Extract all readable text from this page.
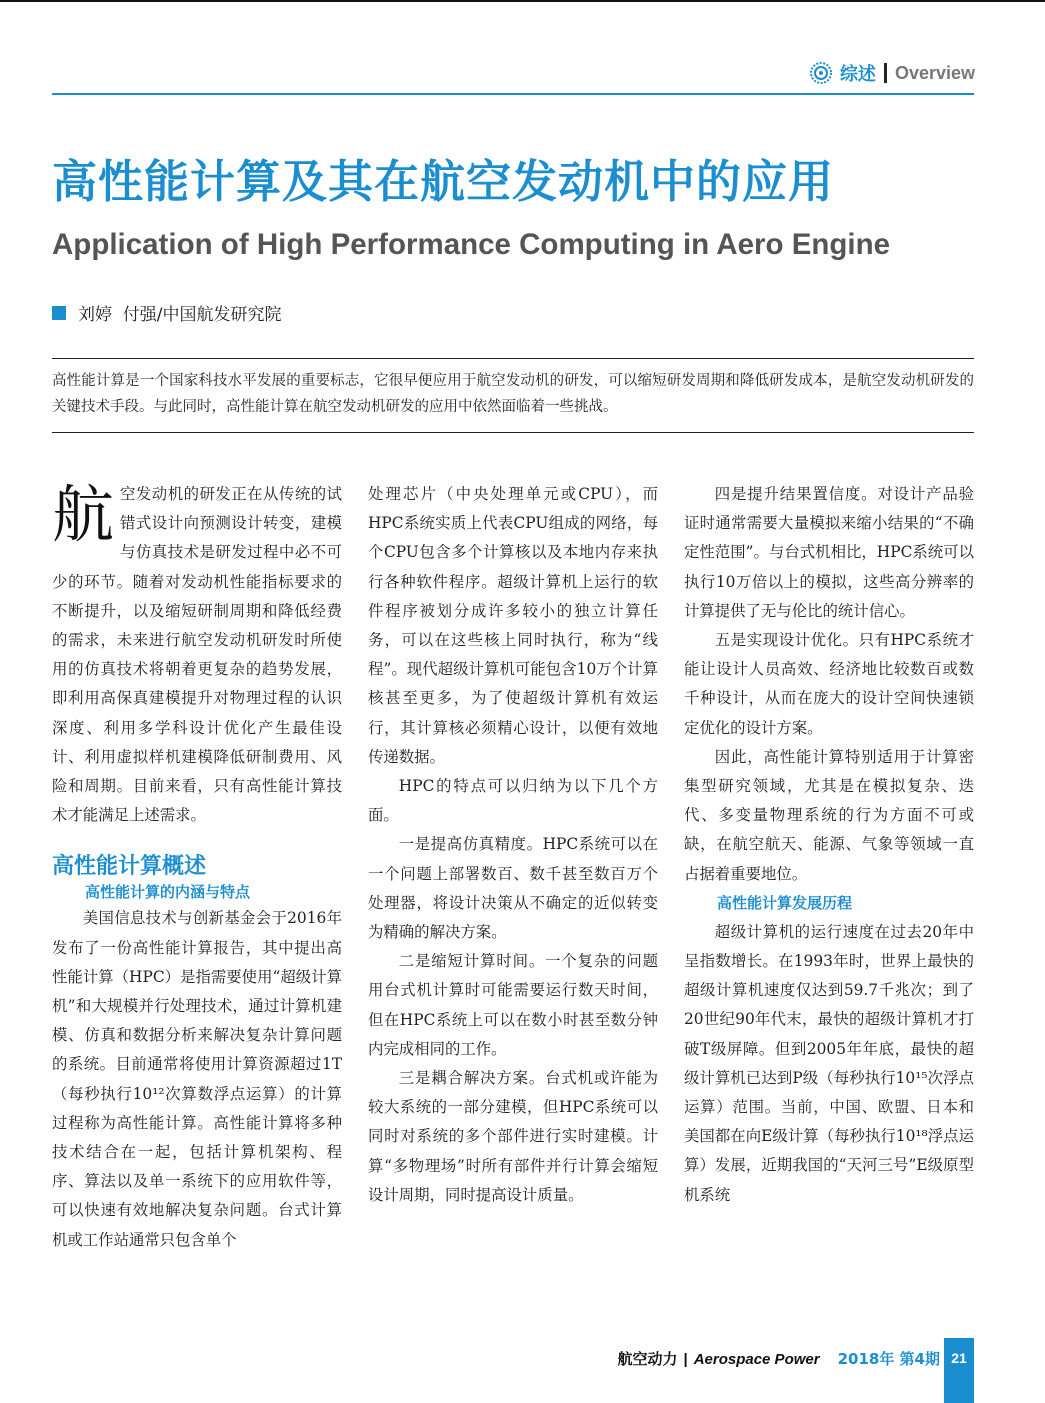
综述 Overview
高性能计算及其在航空发动机中的应用
Application of High Performance Computing in Aero Engine
刘婷  付强/中国航发研究院
高性能计算是一个国家科技水平发展的重要标志，它很早便应用于航空发动机的研发，可以缩短研发周期和降低研发成本，是航空发动机研发的关键技术手段。与此同时，高性能计算在航空发动机研发的应用中依然面临着一些挑战。

航空发动机的研发正在从传统的试错式设计向预测设计转变，建模与仿真技术是研发过程中必不可少的环节。随着对发动机性能指标要求的不断提升，以及缩短研制周期和降低经费的需求，未来进行航空发动机研发时所使用的仿真技术将朝着更复杂的趋势发展，即利用高保真建模提升对物理过程的认识深度、利用多学科设计优化产生最佳设计、利用虚拟样机建模降低研制费用、风险和周期。目前来看，只有高性能计算技术才能满足上述需求。

高性能计算概述
高性能计算的内涵与特点

美国信息技术与创新基金会于2016年发布了一份高性能计算报告，其中提出高性能计算（HPC）是指需要使用“超级计算机”和大规模并行处理技术，通过计算机建模、仿真和数据分析来解决复杂计算问题的系统。目前通常将使用计算资源超过1T（每秒执行10¹²次算数浮点运算）的计算过程称为高性能计算。高性能计算将多种技术结合在一起，包括计算机架构、程序、算法以及单一系统下的应用软件等，可以快速有效地解决复杂问题。台式计算机或工作站通常只包含单个

处理芯片（中央处理单元或CPU），而HPC系统实质上代表CPU组成的网络，每个CPU包含多个计算核以及本地内存来执行各种软件程序。超级计算机上运行的软件程序被划分成许多较小的独立计算任务，可以在这些核上同时执行，称为“线程”。现代超级计算机可能包含10万个计算核甚至更多，为了使超级计算机有效运行，其计算核必须精心设计，以便有效地传递数据。

HPC的特点可以归纳为以下几个方面。

一是提高仿真精度。HPC系统可以在一个问题上部署数百、数千甚至数百万个处理器，将设计决策从不确定的近似转变为精确的解决方案。

二是缩短计算时间。一个复杂的问题用台式机计算时可能需要运行数天时间，但在HPC系统上可以在数小时甚至数分钟内完成相同的工作。

三是耦合解决方案。台式机或许能为较大系统的一部分建模，但HPC系统可以同时对系统的多个部件进行实时建模。计算“多物理场”时所有部件并行计算会缩短设计周期，同时提高设计质量。

四是提升结果置信度。对设计产品验证时通常需要大量模拟来缩小结果的“不确定性范围”。与台式机相比，HPC系统可以执行10万倍以上的模拟，这些高分辨率的计算提供了无与伦比的统计信心。

五是实现设计优化。只有HPC系统才能让设计人员高效、经济地比较数百或数千种设计，从而在庞大的设计空间快速锁定优化的设计方案。

因此，高性能计算特别适用于计算密集型研究领域，尤其是在模拟复杂、迭代、多变量物理系统的行为方面不可或缺，在航空航天、能源、气象等领域一直占据着重要地位。

高性能计算发展历程

超级计算机的运行速度在过去20年中呈指数增长。在1993年时，世界上最快的超级计算机速度仅达到59.7千兆次；到了20世纪90年代末，最快的超级计算机才打破T级屏障。但到2005年年底，最快的超级计算机已达到P级（每秒执行10¹⁵次浮点运算）范围。当前，中国、欧盟、日本和美国都在向E级计算（每秒执行10¹⁸浮点运算）发展，近期我国的“天河三号”E级原型机系统

航空动力 | Aerospace Power 2018年 第4期 21
